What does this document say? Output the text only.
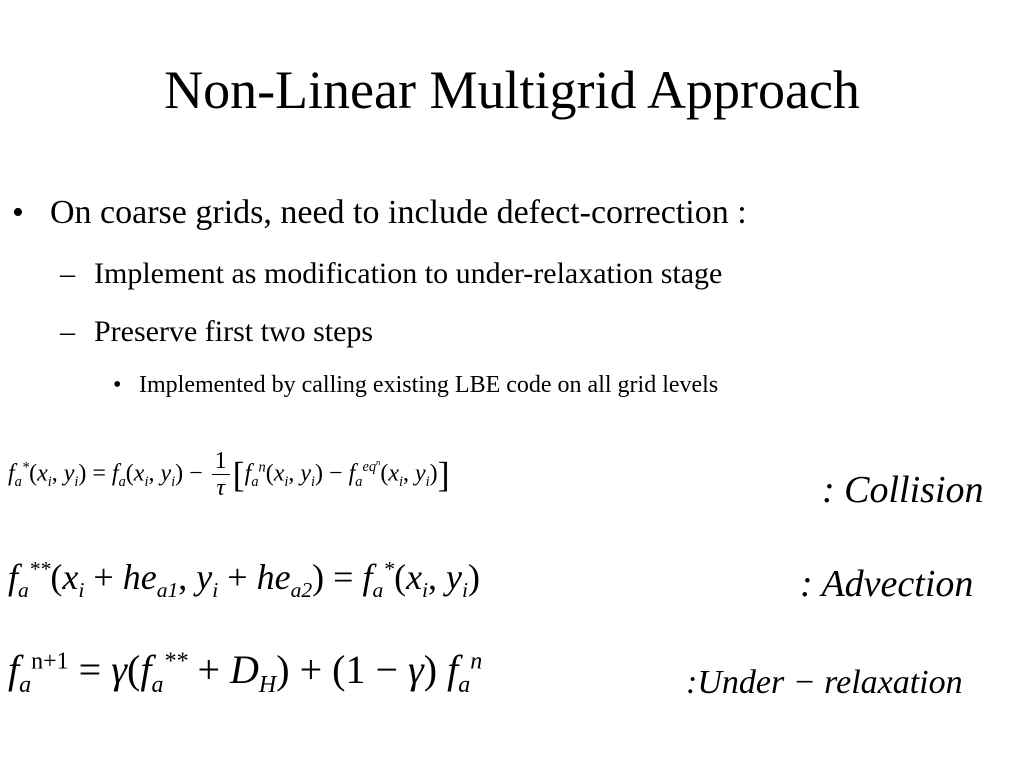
Non-Linear Multigrid Approach
• On coarse grids, need to include defect-correction :
– Implement as modification to under-relaxation stage
– Preserve first two steps
• Implemented by calling existing LBE code on all grid levels
$f_a^*(x_i$, $y_i) = f_a(x_i$, $y_i) - \frac{1}{\tau} [f_a^n(x_i$, $y_i) - f_a^{eq^n}(x_i$, $y_i$)]	: Collision
$f_a^{**}(x_i + he_{a1}$, $y_i + he_{a2}) = f_a^*(x_i$, $y_i$)	: Advection
$f_a^{n+1} = \gamma(f_a^{**} + D_H) + (1 - \gamma)$ $f_a^n$
:Under − relaxation
